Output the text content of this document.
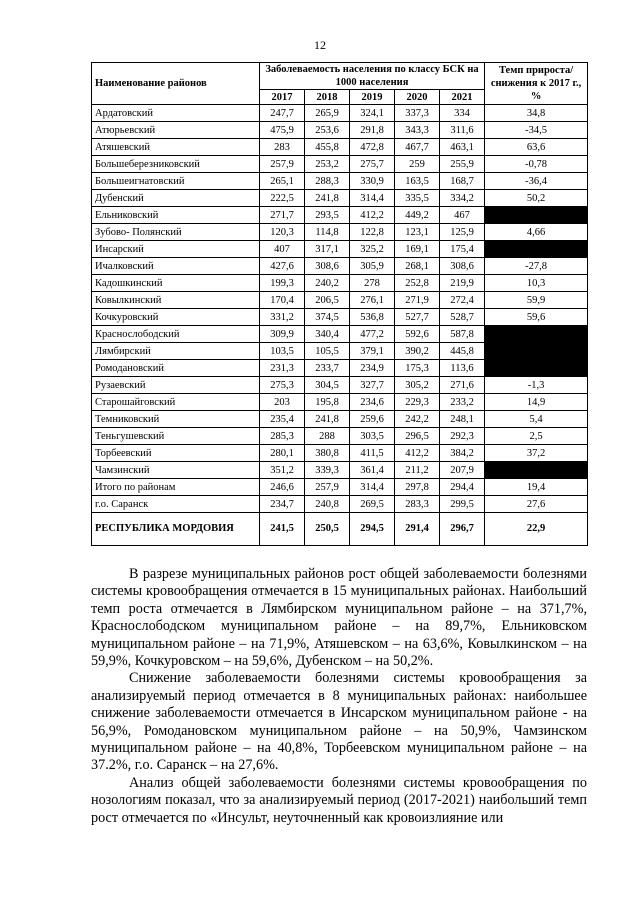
12
Наименование районов	Заболеваемость населения по классу БСК на 1000 населения					Темп прироста/снижения к 2017 г., %
	2017	2018	2019	2020	2021	
Ардатовский	247,7	265,9	324,1	337,3	334	34,8
Атюрьевский	475,9	253,6	291,8	343,3	311,6	-34,5
Атяшевский	283	455,8	472,8	467,7	463,1	63,6
Большеберезниковский	257,9	253,2	275,7	259	255,9	-0,78
Большеигнатовский	265,1	288,3	330,9	163,5	168,7	-36,4
Дубенский	222,5	241,8	314,4	335,5	334,2	50,2
Ельниковский	271,7	293,5	412,2	449,2	467	
Зубово- Полянский	120,3	114,8	122,8	123,1	125,9	4,66
Инсарский	407	317,1	325,2	169,1	175,4	
Ичалковский	427,6	308,6	305,9	268,1	308,6	-27,8
Кадошкинский	199,3	240,2	278	252,8	219,9	10,3
Ковылкинский	170,4	206,5	276,1	271,9	272,4	59,9
Кочкуровский	331,2	374,5	536,8	527,7	528,7	59,6
Краснослободский	309,9	340,4	477,2	592,6	587,8	
Лямбирский	103,5	105,5	379,1	390,2	445,8	
Ромодановский	231,3	233,7	234,9	175,3	113,6	
Рузаевский	275,3	304,5	327,7	305,2	271,6	-1,3
Старошайговский	203	195,8	234,6	229,3	233,2	14,9
Темниковский	235,4	241,8	259,6	242,2	248,1	5,4
Теньгушевский	285,3	288	303,5	296,5	292,3	2,5
Торбеевский	280,1	380,8	411,5	412,2	384,2	37,2
Чамзинский	351,2	339,3	361,4	211,2	207,9	
Итого по районам	246,6	257,9	314,4	297,8	294,4	19,4
г.о. Саранск	234,7	240,8	269,5	283,3	299,5	27,6
РЕСПУБЛИКА МОРДОВИЯ	241,5	250,5	294,5	291,4	296,7	22,9

В разрезе муниципальных районов рост общей заболеваемости болезнями системы кровообращения отмечается в 15 муниципальных районах. Наибольший темп роста отмечается в Лямбирском муниципальном районе – на 371,7%, Краснослободском муниципальном районе – на 89,7%, Ельниковском муниципальном районе – на 71,9%, Атяшевском – на 63,6%, Ковылкинском – на 59,9%, Кочкуровском – на 59,6%, Дубенском – на 50,2%.

Снижение заболеваемости болезнями системы кровообращения за анализируемый период отмечается в 8 муниципальных районах: наибольшее снижение заболеваемости отмечается в Инсарском муниципальном районе - на 56,9%, Ромодановском муниципальном районе – на 50,9%, Чамзинском муниципальном районе – на 40,8%, Торбеевском муниципальном районе – на 37.2%, г.о. Саранск – на 27,6%.

Анализ общей заболеваемости болезнями системы кровообращения по нозологиям показал, что за анализируемый период (2017-2021) наибольший темп рост отмечается по «Инсульт, неуточненный как кровоизлияние или
